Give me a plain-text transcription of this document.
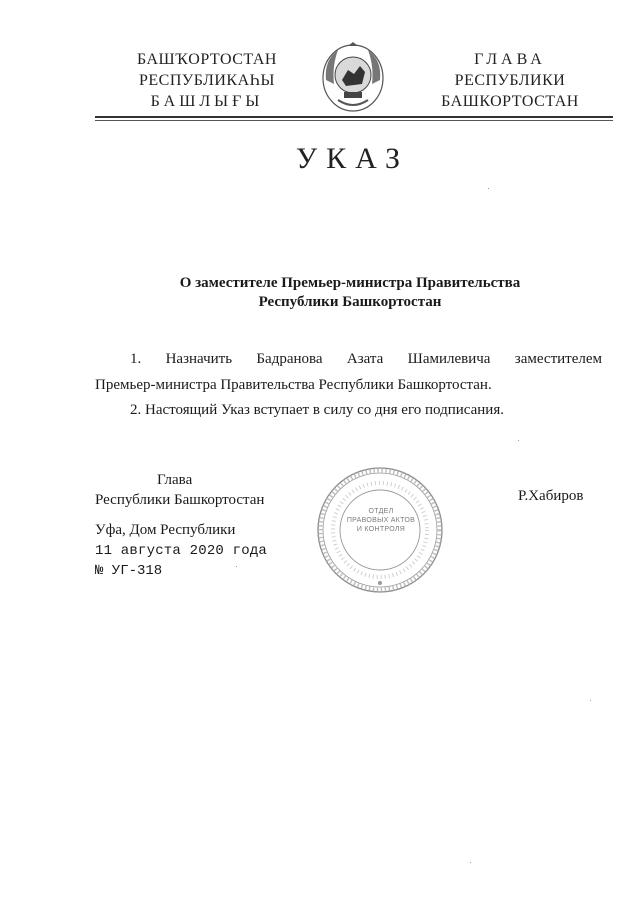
БАШҠОРТОСТАН
РЕСПУБЛИКАҺЫ
БАШЛЫҒЫ
ГЛАВА
РЕСПУБЛИКИ
БАШКОРТОСТАН
УКАЗ
О заместителе Премьер-министра Правительства
Республики Башкортостан
1. Назначить Бадранова Азата Шамилевича заместителем
Премьер-министра Правительства Республики Башкортостан.
2. Настоящий Указ вступает в силу со дня его подписания.
Глава
Республики Башкортостан
ОТДЕЛ
ПРАВОВЫХ АКТОВ
И КОНТРОЛЯ
Р.Хабиров
Уфа, Дом Республики
11 августа 2020 года
№ УГ-318
